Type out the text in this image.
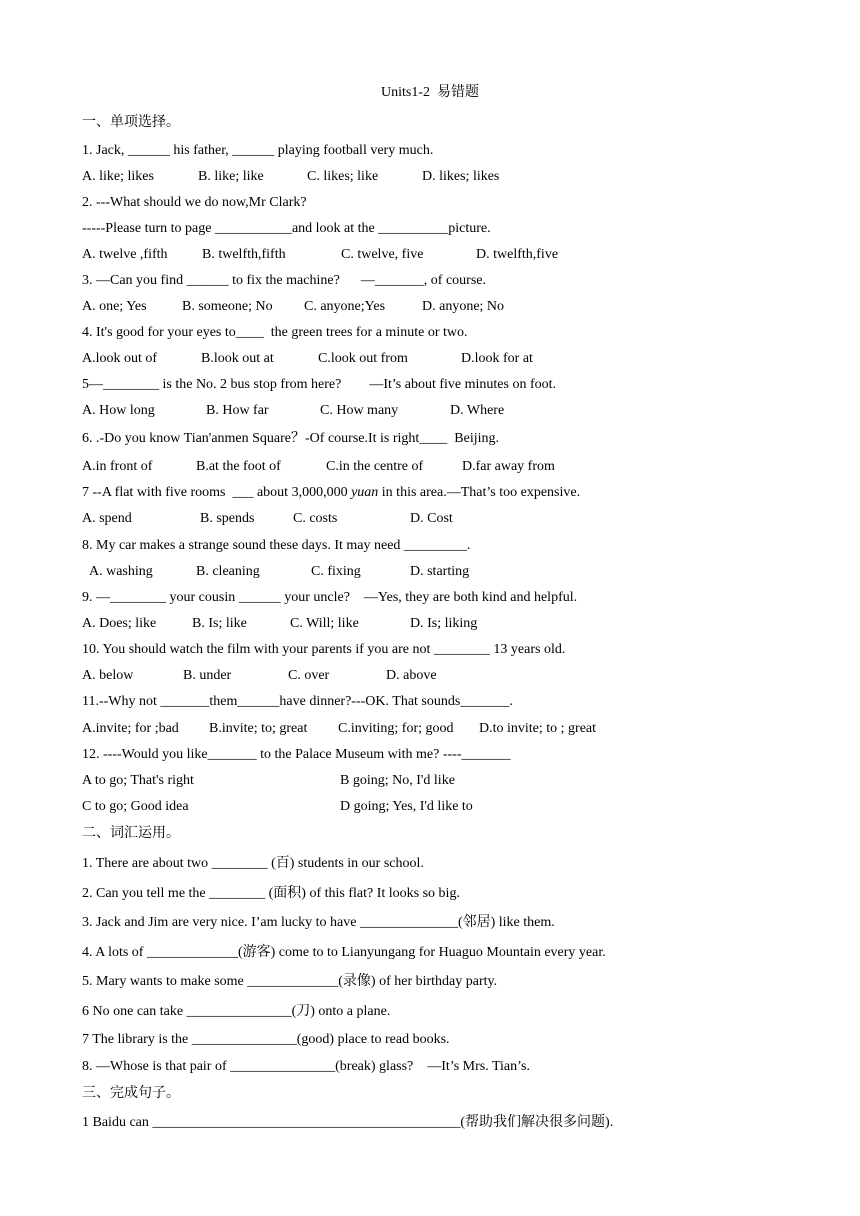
Units1-2  易错题
一、单项选择。
1. Jack, ______ his father, ______ playing football very much.
A. like; likes	B. like; like	C. likes; like	D. likes; likes
2. ---What should we do now,Mr Clark?
-----Please turn to page ___________and look at the __________picture.
A. twelve ,fifth B. twelfth,fifth	C. twelve, five	D. twelfth,five
3. —Can you find ______ to fix the machine?      —_______, of course.
A. one; Yes	B. someone; No C. anyone;Yes	D. anyone; No
4. It's good for your eyes to____  the green trees for a minute or two.
A.look out of	B.look out at	C.look out from	D.look for at
5—________ is the No. 2 bus stop from here?        —It’s about five minutes on foot.
A. How long	B. How far	C. How many	D. Where
6. .-Do you know Tian'anmen Square？-Of course.It is right____  Beijing.
A.in front of	B.at the foot of	C.in the centre of	D.far away from
7 --A flat with five rooms  ___ about 3,000,000 yuan in this area.—That’s too expensive.
A. spend	B. spends	C. costs	D. Cost
8. My car makes a strange sound these days. It may need _________.
A. washing	B. cleaning	C. fixing	D. starting
9. —________ your cousin ______ your uncle?    —Yes, they are both kind and helpful.
A. Does; like	B. Is; like	C. Will; like	D. Is; liking
10. You should watch the film with your parents if you are not ________ 13 years old.
A. below	B. under	C. over	D. above
11.--Why not _______them______have dinner?---OK. That sounds_______.
A.invite; for ;bad B.invite; to; great C.inviting; for; good D.to invite; to ; great
12. ----Would you like_______ to the Palace Museum with me? ----_______
A to go; That's right	B going; No, I'd like
C to go; Good idea	D going; Yes, I'd like to
二、词汇运用。
1. There are about two ________ (百) students in our school.
2. Can you tell me the ________ (面积) of this flat? It looks so big.
3. Jack and Jim are very nice. I’am lucky to have ______________(邻居) like them.
4. A lots of _____________(游客) come to to Lianyungang for Huaguo Mountain every year.
5. Mary wants to make some _____________(录像) of her birthday party.
6 No one can take _______________(刀) onto a plane.
7 The library is the _______________(good) place to read books.
8. —Whose is that pair of _______________(break) glass?    —It’s Mrs. Tian’s.
三、完成句子。
1 Baidu can ____________________________________________(帮助我们解决很多问题).
